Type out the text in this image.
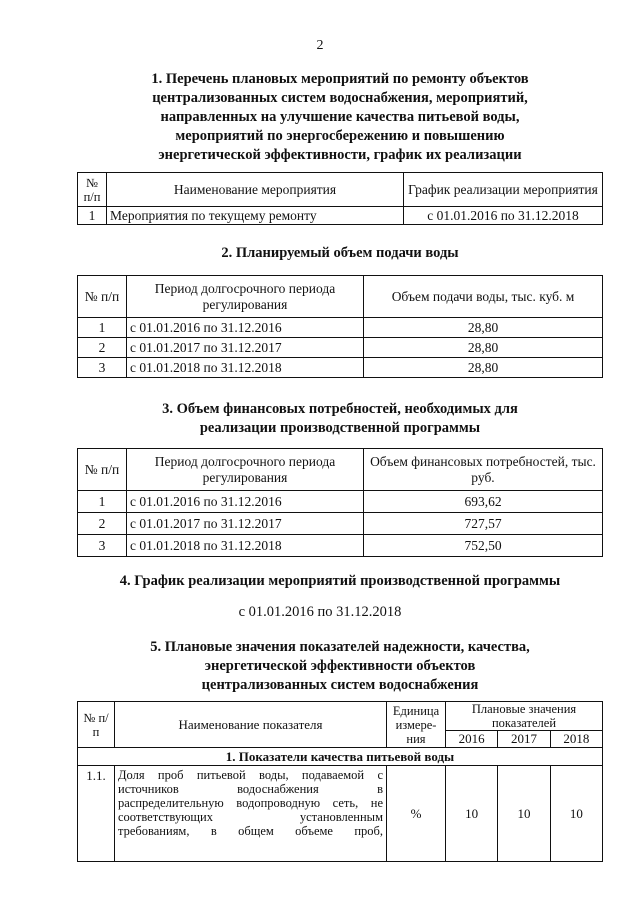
2
1. Перечень плановых мероприятий по ремонту объектов
централизованных систем водоснабжения, мероприятий,
направленных на улучшение качества питьевой воды,
мероприятий по энергосбережению и повышению
энергетической эффективности, график их реализации
№ п/п	Наименование мероприятия	График реализации мероприятия
1	Мероприятия по текущему ремонту	с 01.01.2016 по 31.12.2018
2. Планируемый объем подачи воды
№ п/п	Период долгосрочного периода регулирования	Объем подачи воды, тыс. куб. м
1	с 01.01.2016 по 31.12.2016	28,80
2	с 01.01.2017 по 31.12.2017	28,80
3	с 01.01.2018 по 31.12.2018	28,80
3. Объем финансовых потребностей, необходимых для
реализации производственной программы
№ п/п	Период долгосрочного периода регулирования	Объем финансовых потребностей, тыс. руб.
1	с 01.01.2016 по 31.12.2016	693,62
2	с 01.01.2017 по 31.12.2017	727,57
3	с 01.01.2018 по 31.12.2018	752,50
4. График реализации мероприятий производственной программы
с 01.01.2016 по 31.12.2018
5. Плановые значения показателей надежности, качества,
энергетической эффективности объектов
централизованных систем водоснабжения
№ п/п	Наименование показателя	Единица измере-ния	Плановые значения показателей		
			2016	2017	2018
1. Показатели качества питьевой воды					
1.1.	Доля проб питьевой воды, подаваемой с
источников водоснабжения в
распределительную водопроводную сеть, не
соответствующих установленным
требованиям, в общем объеме проб,	%	10	10	10
